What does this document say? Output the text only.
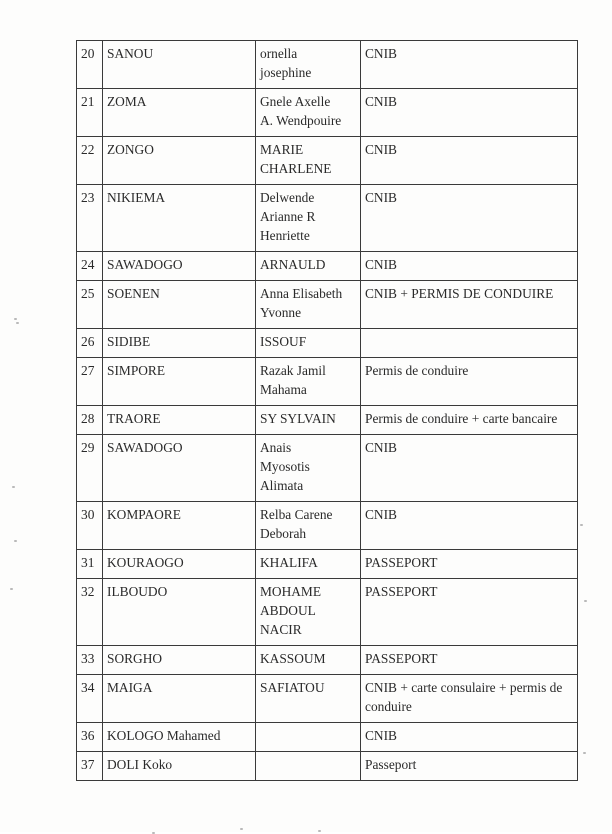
20	SANOU	ornella
josephine	CNIB
21	ZOMA	Gnele Axelle
A. Wendpouire	CNIB
22	ZONGO	MARIE
CHARLENE	CNIB
23	NIKIEMA	Delwende
Arianne R
Henriette	CNIB
24	SAWADOGO	ARNAULD	CNIB
25	SOENEN	Anna Elisabeth
Yvonne	CNIB + PERMIS DE CONDUIRE
26	SIDIBE	ISSOUF	

27	SIMPORE	Razak Jamil
Mahama	Permis de conduire
28	TRAORE	SY SYLVAIN	Permis de conduire + carte bancaire
29	SAWADOGO	Anais
Myosotis
Alimata	CNIB
30	KOMPAORE	Relba Carene
Deborah	CNIB
31	KOURAOGO	KHALIFA	PASSEPORT
32	ILBOUDO	MOHAME
ABDOUL
NACIR	PASSEPORT
33	SORGHO	KASSOUM	PASSEPORT
34	MAIGA	SAFIATOU	CNIB + carte consulaire + permis de conduire
36	KOLOGO Mahamed		CNIB
37	DOLI Koko		Passeport
